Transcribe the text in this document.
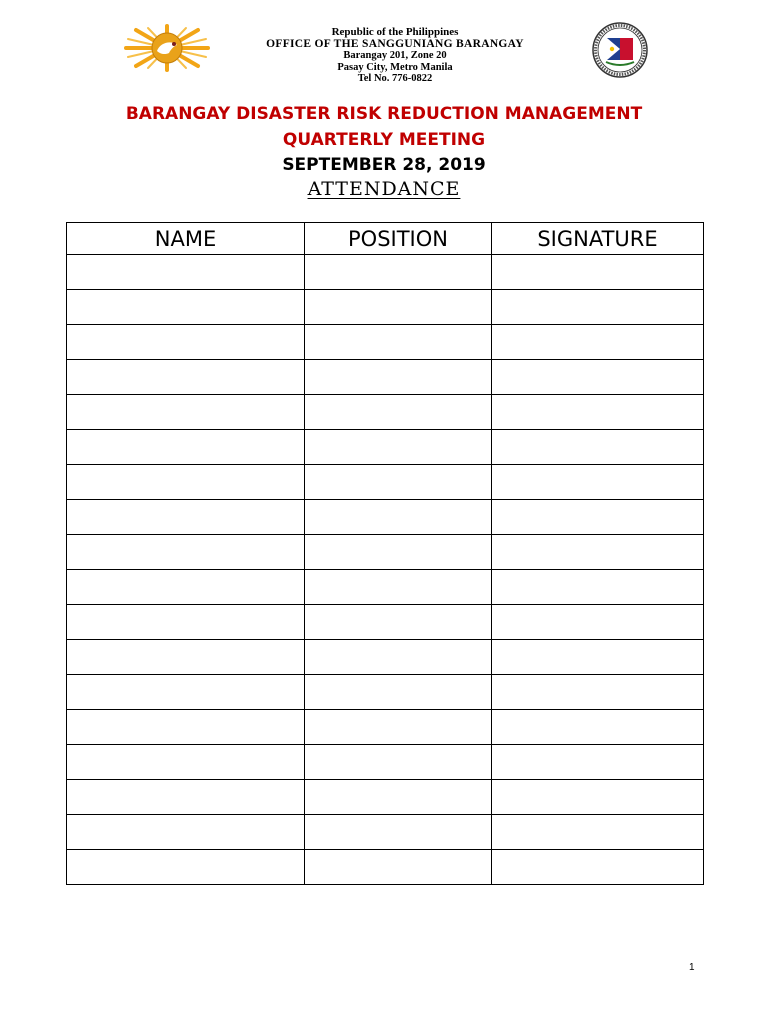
Republic of the Philippines
OFFICE OF THE SANGGUNIANG BARANGAY
Barangay 201, Zone 20
Pasay City, Metro Manila
Tel No. 776-0822
BARANGAY DISASTER RISK REDUCTION MANAGEMENT
QUARTERLY MEETING
SEPTEMBER 28, 2019
ATTENDANCE
NAME	POSITION	SIGNATURE

1
